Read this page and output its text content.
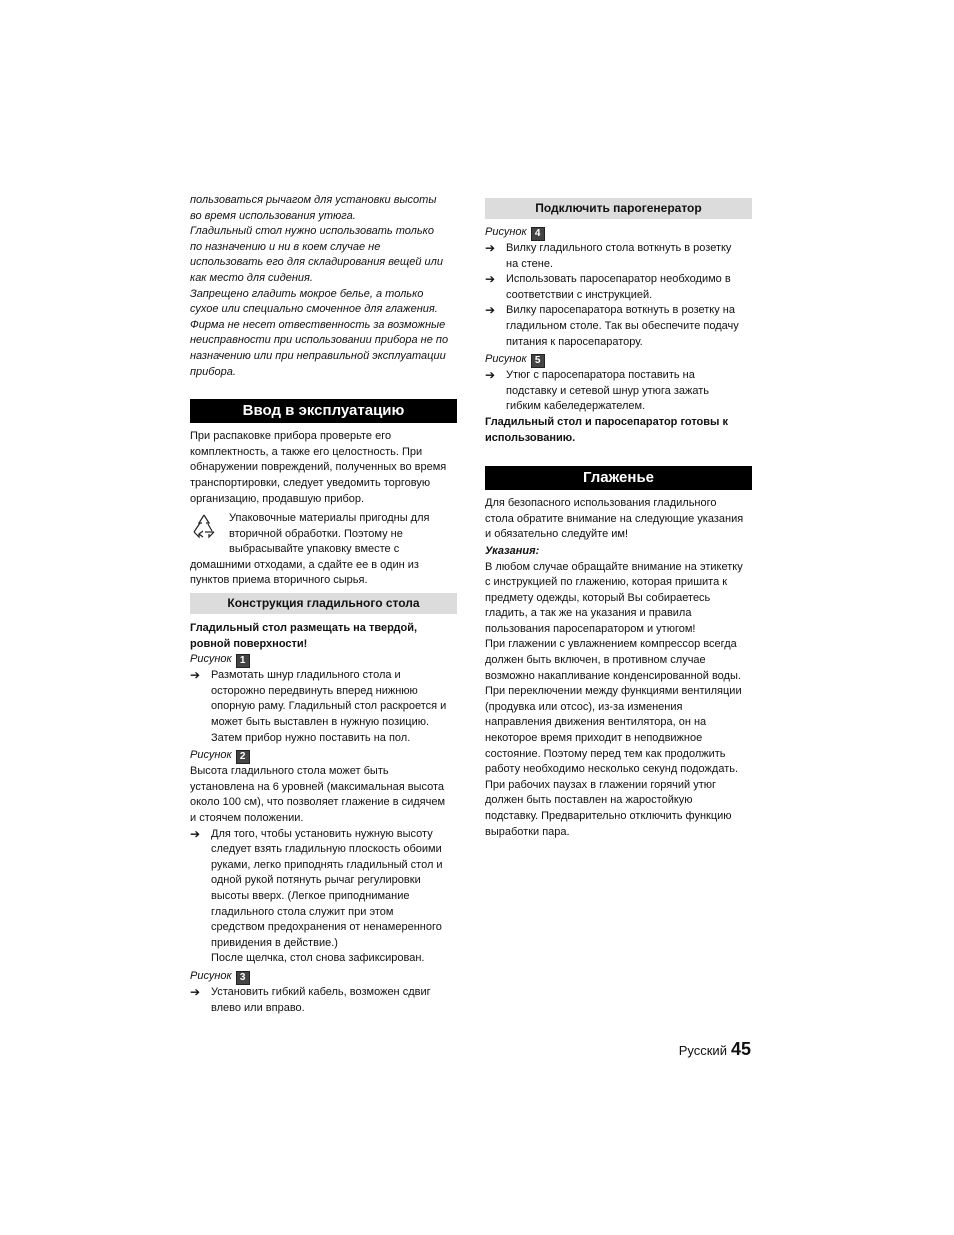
пользоваться рычагом для установки высоты

во время использования утюга.

Гладильный стол нужно использовать только

по назначению и ни в коем случае не

использовать его для складирования вещей или

как место для сидения.

Запрещено гладить мокрое белье, а только

сухое или специально смоченное для глажения.

Фирма не несет отвественность за возможные

неисправности при использовании прибора не по

назначению или при неправильной эксплуатации

прибора.

Ввод в эксплуатацию

При распаковке прибора проверьте его

комплектность, а также его целостность. При

обнаружении повреждений, полученных во время

транспортировки, следует уведомить торговую

организацию, продавшую прибор.

Упаковочные материалы пригодны для

вторичной обработки. Поэтому не

выбрасывайте упаковку вместе с

домашними отходами, а сдайте ее в один из

пунктов приема вторичного сырья.

Конструкция гладильного стола

Гладильный стол размещать на твердой,

ровной поверхности!

Рисунок 1

➔ Размотать шнур гладильного стола и

осторожно передвинуть вперед нижнюю

опорную раму. Гладильный стол раскроется и

может быть выставлен в нужную позицию.

Затем прибор нужно поставить на пол.

Рисунок 2

Высота гладильного стола может быть

установлена на 6 уровней (максимальная высота

около 100 см), что позволяет глажение в сидячем

и стоячем положении.

➔ Для того, чтобы установить нужную высоту

следует взять гладильную плоскость обоими

руками, легко приподнять гладильный стол и

одной рукой потянуть рычаг регулировки

высоты вверх. (Легкое приподнимание

гладильного стола служит при этом

средством предохранения от ненамеренного

привидения в действие.)

После щелчка, стол снова зафиксирован.

Рисунок 3

➔ Установить гибкий кабель, возможен сдвиг

влево или вправо.

Подключить парогенератор

Рисунок 4

➔ Вилку гладильного стола воткнуть в розетку

на стене.

➔ Использовать паросепаратор необходимо в

соответствии с инструкцией.

➔ Вилку паросепаратора воткнуть в розетку на

гладильном столе. Так вы обеспечите подачу

питания к паросепаратору.

Рисунок 5

➔ Утюг с паросепаратора поставить на

подставку и сетевой шнур утюга зажать

гибким кабеледержателем.

Гладильный стол и паросепаратор готовы к

использованию.

Глаженье

Для безопасного использования гладильного

стола обратите внимание на следующие указания

и обязательно следуйте им!

Указания:

В любом случае обращайте внимание на этикетку

с инструкцией по глажению, которая пришита к

предмету одежды, который Вы собираетесь

гладить, а так же на указания и правила

пользования паросепаратором и утюгом!

При глажении с увлажнением компрессор всегда

должен быть включен, в противном случае

возможно накапливание конденсированной воды.

При переключении между функциями вентиляции

(продувка или отсос), из-за изменения

направления движения вентилятора, он на

некоторое время приходит в неподвижное

состояние. Поэтому перед тем как продолжить

работу необходимо несколько секунд подождать.

При рабочих паузах в глажении горячий утюг

должен быть поставлен на жаростойкую

подставку. Предварительно отключить функцию

выработки пара.

Русский 45
